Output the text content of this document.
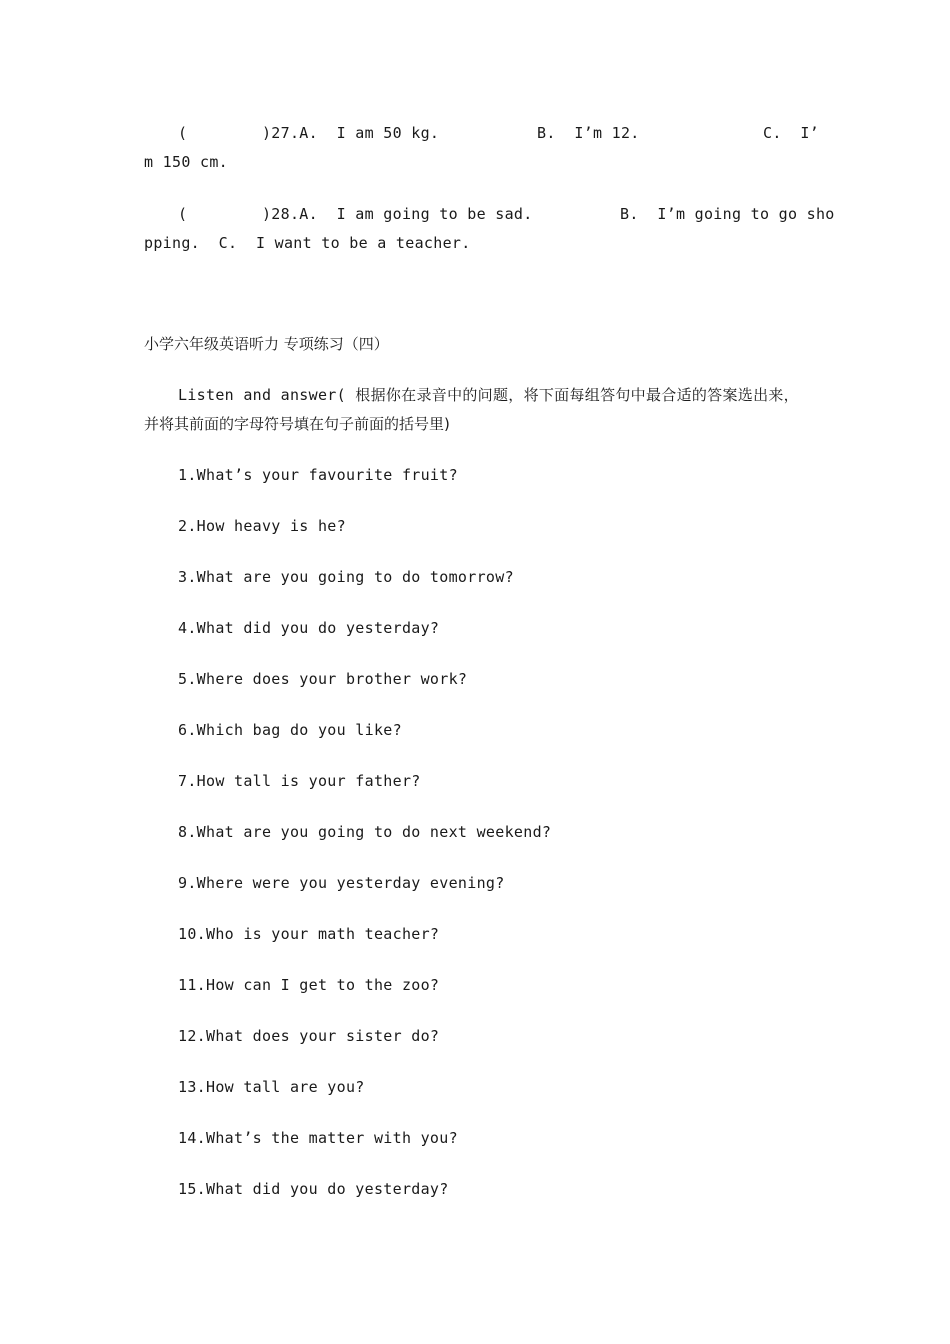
(        )27.A.  I am 50 kg.	B.  I’m 12.	C.  I’
m 150 cm.
(        )28.A.  I am going to be sad.	B.  I’m going to go sho
pping.  C.  I want to be a teacher.
小学六年级英语听力 专项练习（四）
Listen and answer( 根据你在录音中的问题，将下面每组答句中最合适的答案选出来，
并将其前面的字母符号填在句子前面的括号里)
1.What’s your favourite fruit?
2.How heavy is he?
3.What are you going to do tomorrow?
4.What did you do yesterday?
5.Where does your brother work?
6.Which bag do you like?
7.How tall is your father?
8.What are you going to do next weekend?
9.Where were you yesterday evening?
10.Who is your math teacher?
11.How can I get to the zoo?
12.What does your sister do?
13.How tall are you?
14.What’s the matter with you?
15.What did you do yesterday?
